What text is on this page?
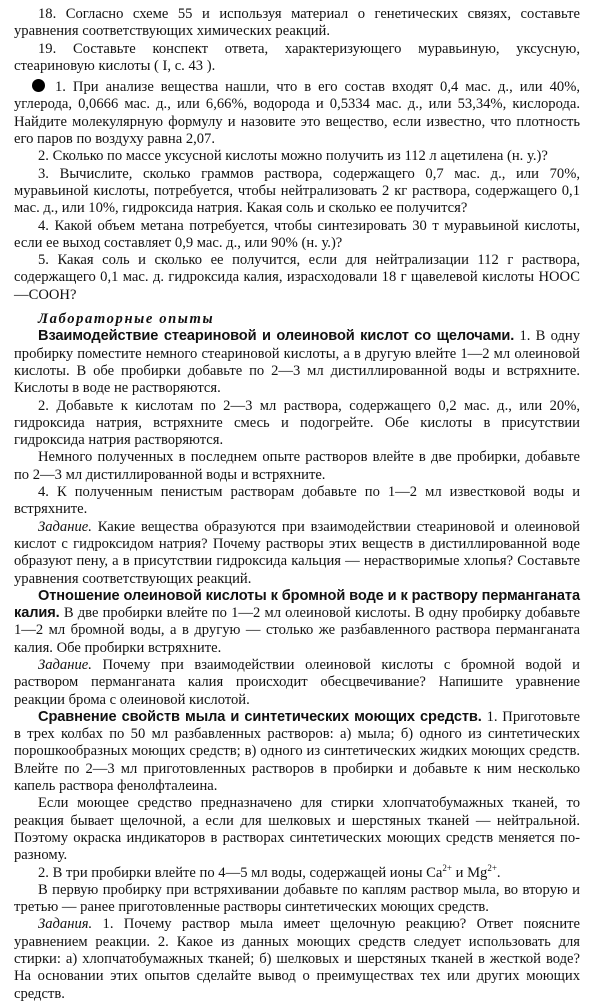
18. Согласно схеме 55 и используя материал о генетических связях, составьте уравнения соответствующих химических реакций.

19. Составьте конспект ответа, характеризующего муравьиную, уксусную, стеариновую кислоты ( I, с. 43 ).

1. При анализе вещества нашли, что в его состав входят 0,4 мас. д., или 40%, углерода, 0,0666 мас. д., или 6,66%, водорода и 0,5334 мас. д., или 53,34%, кислорода. Найдите молекулярную формулу и назовите это вещество, если известно, что плотность его паров по воздуху равна 2,07.

2. Сколько по массе уксусной кислоты можно получить из 112 л ацетилена (н. у.)?

3. Вычислите, сколько граммов раствора, содержащего 0,7 мас. д., или 70%, муравьиной кислоты, потребуется, чтобы нейтрализовать 2 кг раствора, содержащего 0,1 мас. д., или 10%, гидроксида натрия. Какая соль и сколько ее получится?

4. Какой объем метана потребуется, чтобы синтезировать 30 т муравьиной кислоты, если ее выход составляет 0,9 мас. д., или 90% (н. у.)?

5. Какая соль и сколько ее получится, если для нейтрализации 112 г раствора, содержащего 0,1 мас. д. гидроксида калия, израсходовали 18 г щавелевой кислоты НООС—СООН?

Лабораторные опыты

Взаимодействие стеариновой и олеиновой кислот со щелочами. 1. В одну пробирку поместите немного стеариновой кислоты, а в другую влейте 1—2 мл олеиновой кислоты. В обе пробирки добавьте по 2—3 мл дистиллированной воды и встряхните. Кислоты в воде не растворяются.

2. Добавьте к кислотам по 2—3 мл раствора, содержащего 0,2 мас. д., или 20%, гидроксида натрия, встряхните смесь и подогрейте. Обе кислоты в присутствии гидроксида натрия растворяются.

Немного полученных в последнем опыте растворов влейте в две пробирки, добавьте по 2—3 мл дистиллированной воды и встряхните.

4. К полученным пенистым растворам добавьте по 1—2 мл известковой воды и встряхните.

Задание. Какие вещества образуются при взаимодействии стеариновой и олеиновой кислот с гидроксидом натрия? Почему растворы этих веществ в дистиллированной воде образуют пену, а в присутствии гидроксида кальция — нерастворимые хлопья? Составьте уравнения соответствующих реакций.

Отношение олеиновой кислоты к бромной воде и к раствору перманганата калия. В две пробирки влейте по 1—2 мл олеиновой кислоты. В одну пробирку добавьте 1—2 мл бромной воды, а в другую — столько же разбавленного раствора перманганата калия. Обе пробирки встряхните.

Задание. Почему при взаимодействии олеиновой кислоты с бромной водой и раствором перманганата калия происходит обесцвечивание? Напишите уравнение реакции брома с олеиновой кислотой.

Сравнение свойств мыла и синтетических моющих средств. 1. Приготовьте в трех колбах по 50 мл разбавленных растворов: а) мыла; б) одного из синтетических порошкообразных моющих средств; в) одного из синтетических жидких моющих средств. Влейте по 2—3 мл приготовленных растворов в пробирки и добавьте к ним несколько капель раствора фенолфталеина.

Если моющее средство предназначено для стирки хлопчатобумажных тканей, то реакция бывает щелочной, а если для шелковых и шерстяных тканей — нейтральной. Поэтому окраска индикаторов в растворах синтетических моющих средств меняется по-разному.

2. В три пробирки влейте по 4—5 мл воды, содержащей ионы $Ca^{2+}$ и $Mg^{2+}$.

В первую пробирку при встряхивании добавьте по каплям раствор мыла, во вторую и третью — ранее приготовленные растворы синтетических моющих средств.

Задания. 1. Почему раствор мыла имеет щелочную реакцию? Ответ поясните уравнением реакции. 2. Какое из данных моющих средств следует использовать для стирки: а) хлопчатобумажных тканей; б) шелковых и шерстяных тканей в жесткой воде? На основании этих опытов сделайте вывод о преимуществах тех или других моющих средств.
